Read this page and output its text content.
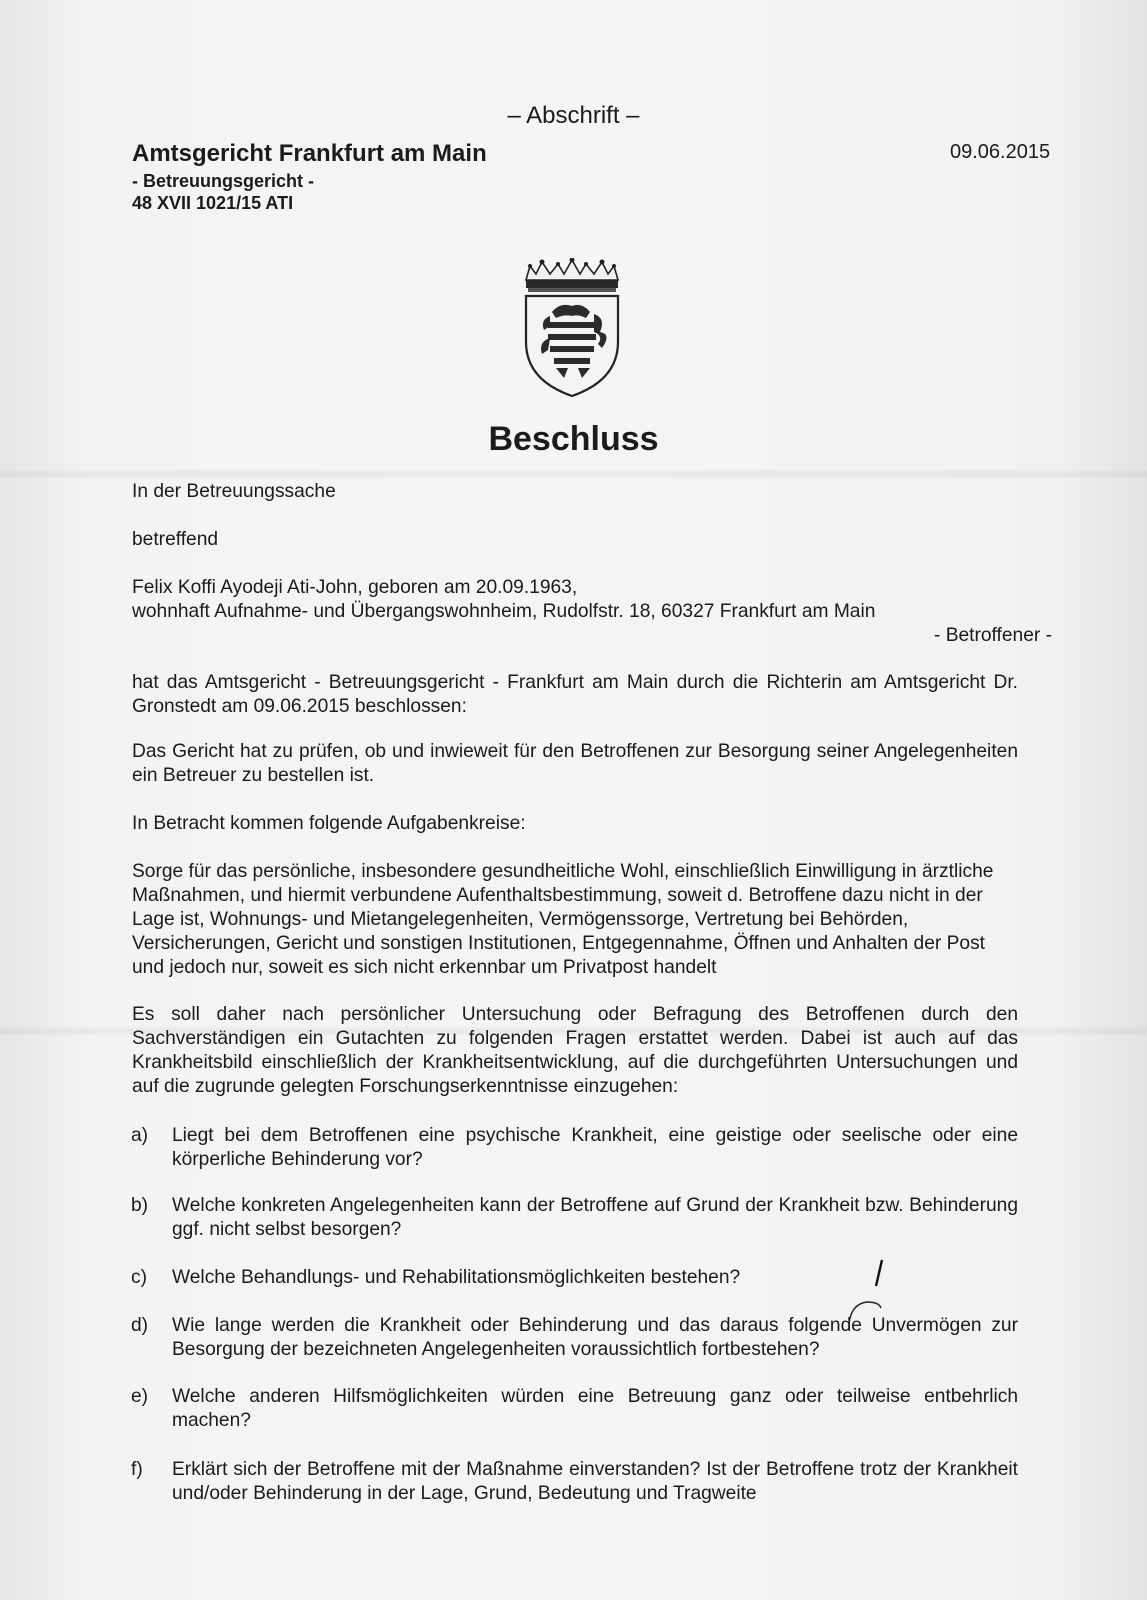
– Abschrift –
Amtsgericht Frankfurt am Main
- Betreuungsgericht -
48 XVII 1021/15 ATI
09.06.2015
Beschluss
In der Betreuungssache
betreffend
Felix Koffi Ayodeji Ati-John, geboren am 20.09.1963,
wohnhaft Aufnahme- und Übergangswohnheim, Rudolfstr. 18, 60327 Frankfurt am Main
- Betroffener -
hat das Amtsgericht - Betreuungsgericht - Frankfurt am Main durch die Richterin am Amtsgericht Dr. Gronstedt am 09.06.2015 beschlossen:
Das Gericht hat zu prüfen, ob und inwieweit für den Betroffenen zur Besorgung seiner Angelegenheiten ein Betreuer zu bestellen ist.
In Betracht kommen folgende Aufgabenkreise:
Sorge für das persönliche, insbesondere gesundheitliche Wohl, einschließlich Einwilligung in ärztliche Maßnahmen, und hiermit verbundene Aufenthaltsbestimmung, soweit d. Betroffene dazu nicht in der Lage ist, Wohnungs- und Mietangelegenheiten, Vermögenssorge, Vertretung bei Behörden, Versicherungen, Gericht und sonstigen Institutionen, Entgegennahme, Öffnen und Anhalten der Post und jedoch nur, soweit es sich nicht erkennbar um Privatpost handelt
Es soll daher nach persönlicher Untersuchung oder Befragung des Betroffenen durch den Sachverständigen ein Gutachten zu folgenden Fragen erstattet werden. Dabei ist auch auf das Krankheitsbild einschließlich der Krankheitsentwicklung, auf die durchgeführten Untersuchungen und auf die zugrunde gelegten Forschungserkenntnisse einzugehen:
a)	Liegt bei dem Betroffenen eine psychische Krankheit, eine geistige oder seelische oder eine körperliche Behinderung vor?
b)	Welche konkreten Angelegenheiten kann der Betroffene auf Grund der Krankheit bzw. Behinderung ggf. nicht selbst besorgen?
c)	Welche Behandlungs- und Rehabilitationsmöglichkeiten bestehen?
d)	Wie lange werden die Krankheit oder Behinderung und das daraus folgende Unvermögen zur Besorgung der bezeichneten Angelegenheiten voraussichtlich fortbestehen?
e)	Welche anderen Hilfsmöglichkeiten würden eine Betreuung ganz oder teilweise entbehrlich machen?
f)	Erklärt sich der Betroffene mit der Maßnahme einverstanden? Ist der Betroffene trotz der Krankheit und/oder Behinderung in der Lage, Grund, Bedeutung und Tragweite
